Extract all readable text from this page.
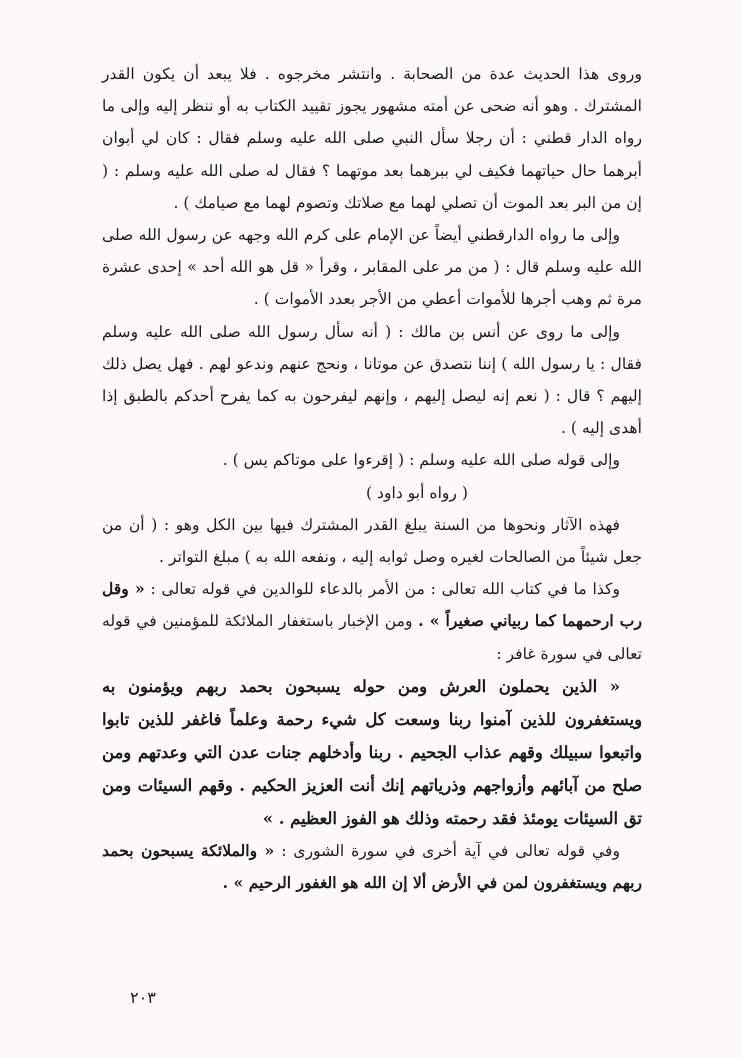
وروى هذا الحديث عدة من الصحابة . وانتشر مخرجوه . فلا يبعد أن يكون القدر المشترك . وهو أنه ضحى عن أمته مشهور يجوز تقييد الكتاب به أو ننظر إليه وإلى ما رواه الدار قطني : أن رجلا سأل النبي صلى الله عليه وسلم فقال : كان لي أبوان أبرهما حال حياتهما فكيف لي ببرهما بعد موتهما ؟ فقال له صلى الله عليه وسلم : ( إن من البر بعد الموت أن تصلي لهما مع صلاتك وتصوم لهما مع صيامك ) .

وإلى ما رواه الدارقطني أيضاً عن الإمام على كرم الله وجهه عن رسول الله صلى الله عليه وسلم قال : ( من مر على المقابر ، وقرأ « قل هو الله أحد » إحدى عشرة مرة ثم وهب أجرها للأموات أعطي من الأجر بعدد الأموات ) .

وإلى ما روى عن أنس بن مالك : ( أنه سأل رسول الله صلى الله عليه وسلم فقال : يا رسول الله ) إننا نتصدق عن موتانا ، ونحج عنهم وندعو لهم . فهل يصل ذلك إليهم ؟ قال : ( نعم إنه ليصل إليهم ، وإنهم ليفرحون به كما يفرح أحدكم بالطبق إذا أهدى إليه ) .

وإلى قوله صلى الله عليه وسلم : ( إقرءوا على موتاكم يس ) .

( رواه أبو داود )

فهذه الآثار ونحوها من السنة يبلغ القدر المشترك فيها بين الكل وهو : ( أن من جعل شيئاً من الصالحات لغيره وصل ثوابه إليه ، ونفعه الله به ) مبلغ التواتر .

وكذا ما في كتاب الله تعالى : من الأمر بالدعاء للوالدين في قوله تعالى : « وقل رب ارحمهما كما ربياني صغيراً » . ومن الإخبار باستغفار الملائكة للمؤمنين في قوله تعالى في سورة غافر :

« الذين يحملون العرش ومن حوله يسبحون بحمد ربهم ويؤمنون به ويستغفرون للذين آمنوا ربنا وسعت كل شيء رحمة وعلماً فاغفر للذين تابوا واتبعوا سبيلك وقهم عذاب الجحيم . ربنا وأدخلهم جنات عدن التي وعدتهم ومن صلح من آبائهم وأزواجهم وذرياتهم إنك أنت العزيز الحكيم . وقهم السيئات ومن تق السيئات يومئذ فقد رحمته وذلك هو الفوز العظيم . »

وفي قوله تعالى في آية أخرى في سورة الشورى : « والملائكة يسبحون بحمد ربهم ويستغفرون لمن في الأرض ألا إن الله هو الغفور الرحيم » .

٢٠٣
